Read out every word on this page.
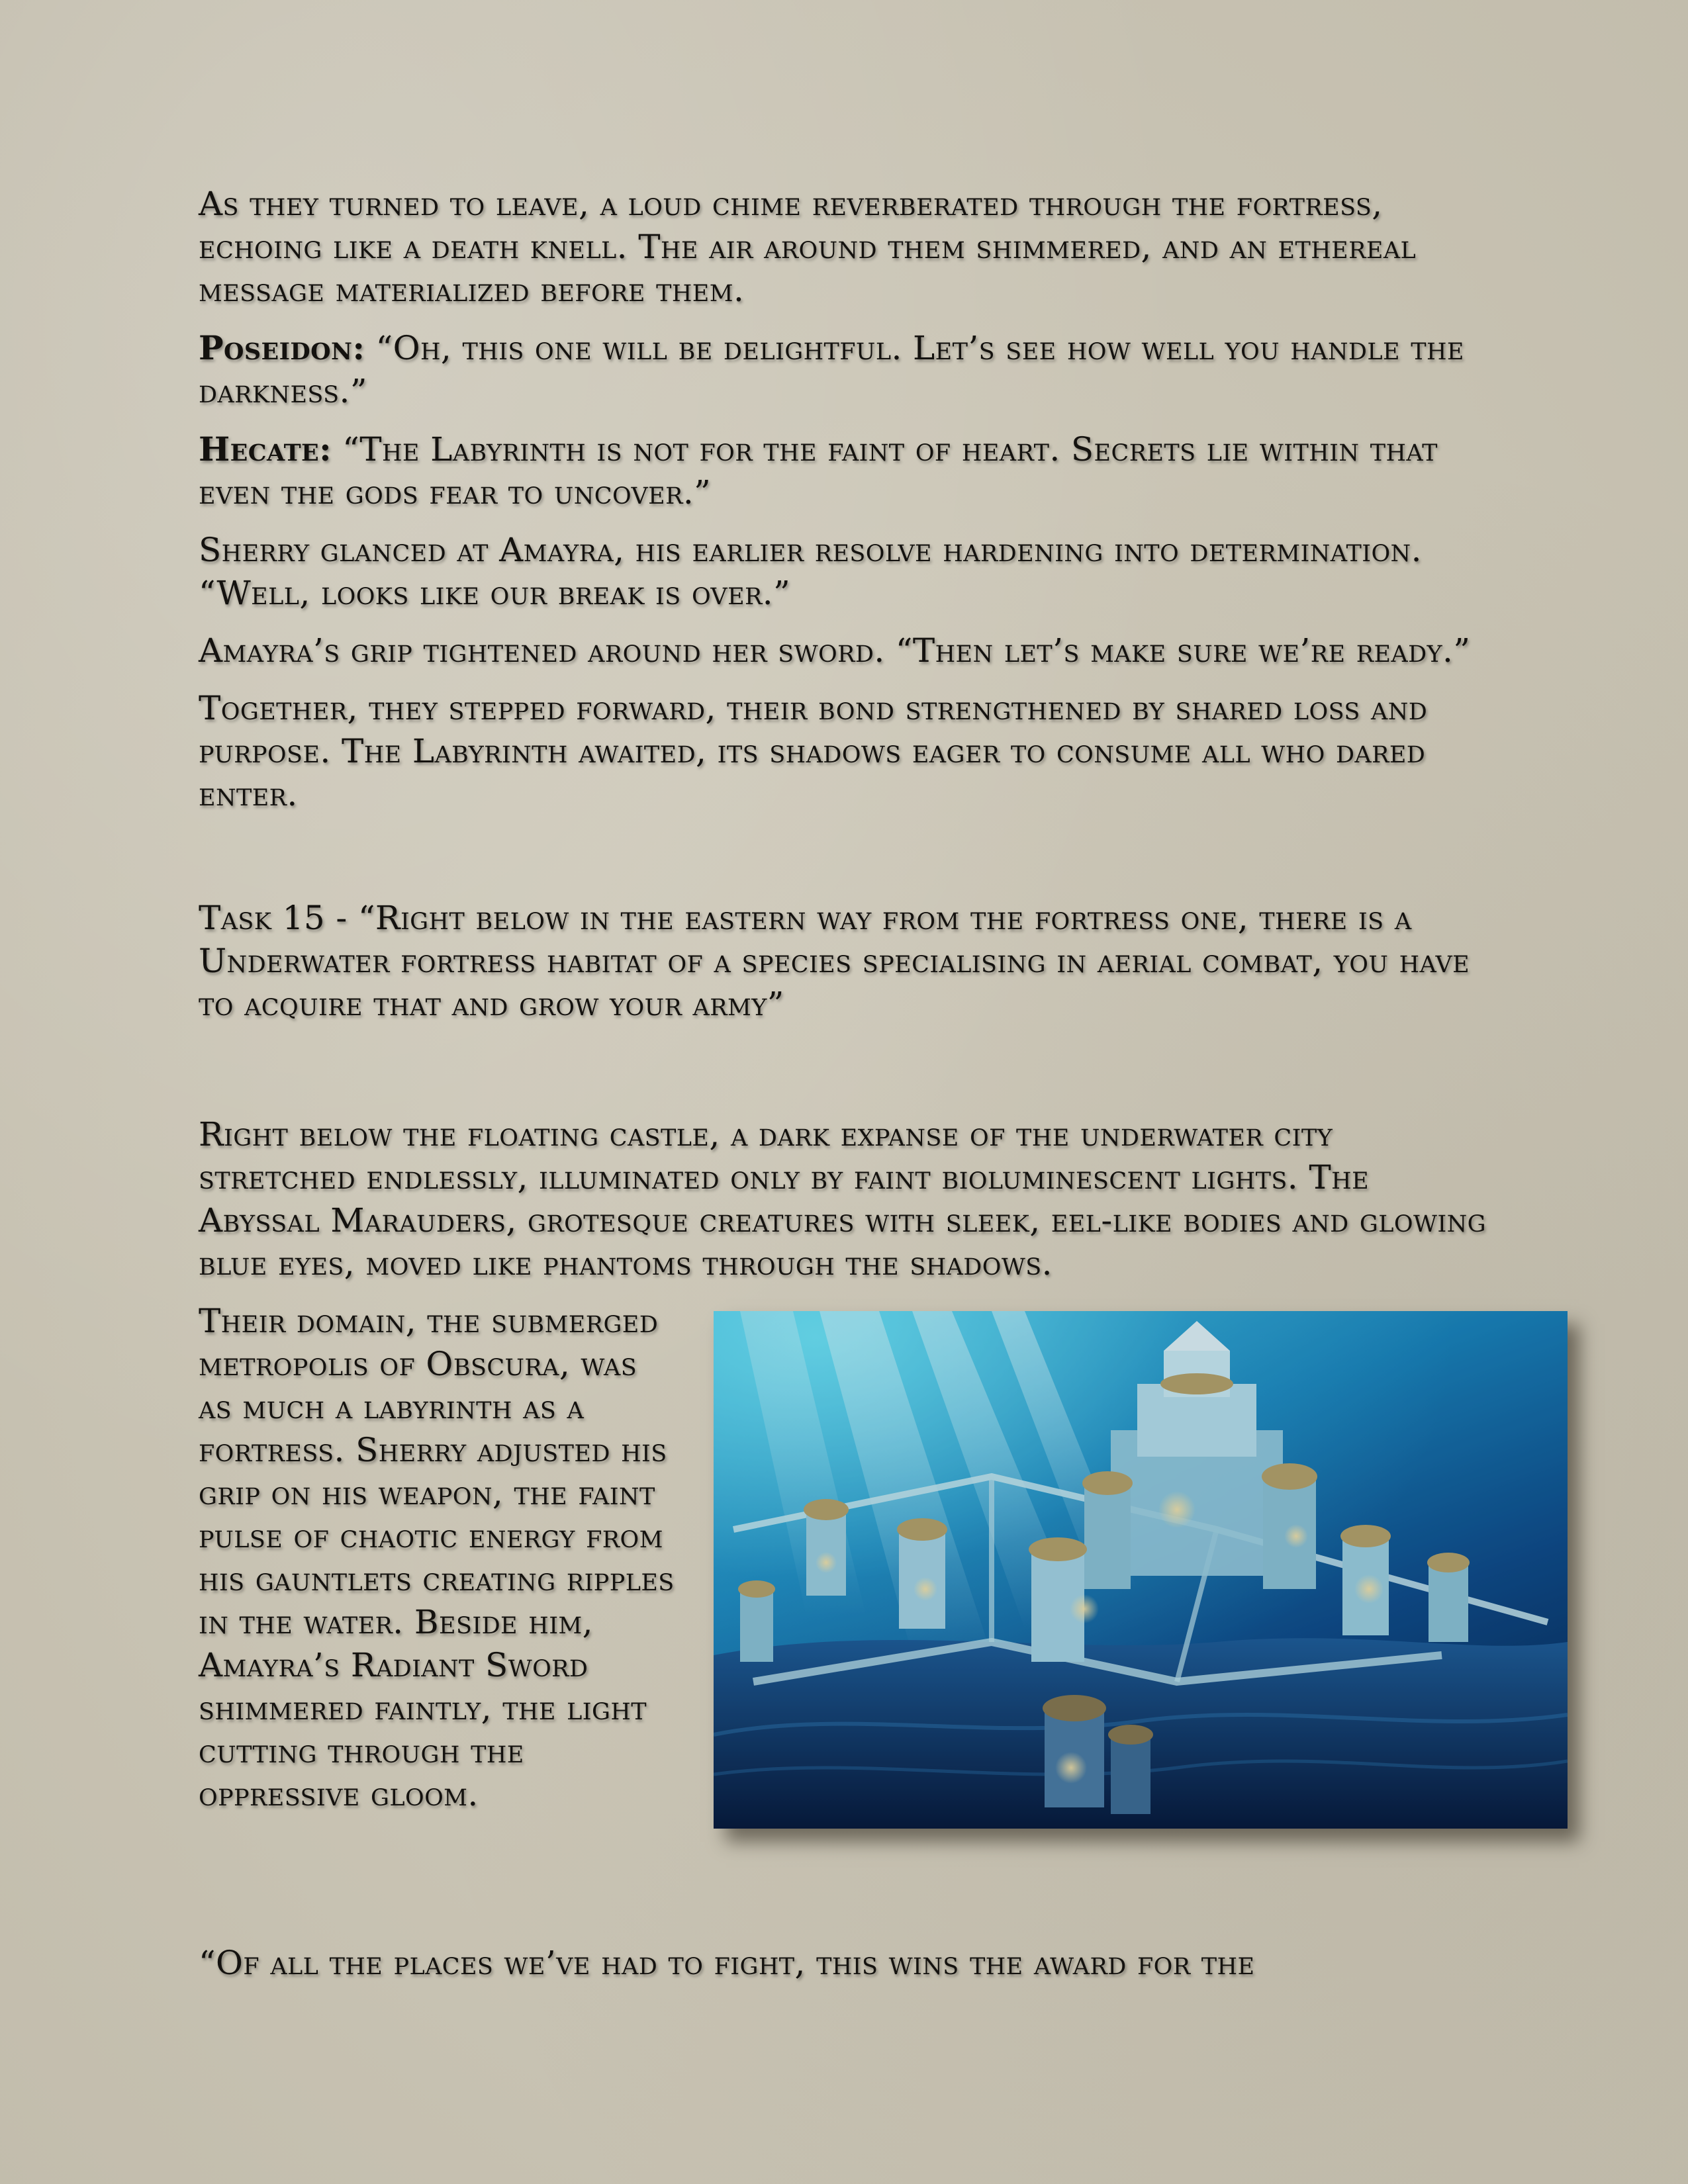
As they turned to leave, a loud chime reverberated through the fortress, echoing like a death knell. The air around them shimmered, and an ethereal message materialized before them.

Poseidon: “Oh, this one will be delightful. Let’s see how well you handle the darkness.”

Hecate: “The Labyrinth is not for the faint of heart. Secrets lie within that even the gods fear to uncover.”

Sherry glanced at Amayra, his earlier resolve hardening into determination. “Well, looks like our break is over.”

Amayra’s grip tightened around her sword. “Then let’s make sure we’re ready.”

Together, they stepped forward, their bond strengthened by shared loss and purpose. The Labyrinth awaited, its shadows eager to consume all who dared enter.

Task 15 - “Right below in the eastern way from the fortress one, there is a Underwater fortress habitat of a species specialising in aerial combat, you have to acquire that and grow your army”

Right below the floating castle, a dark expanse of the underwater city stretched endlessly, illuminated only by faint bioluminescent lights. The Abyssal Marauders, grotesque creatures with sleek, eel-like bodies and glowing blue eyes, moved like phantoms through the shadows.

Their domain, the submerged metropolis of Obscura, was as much a labyrinth as a fortress. Sherry adjusted his grip on his weapon, the faint pulse of chaotic energy from his gauntlets creating ripples in the water. Beside him, Amayra’s Radiant Sword shimmered faintly, the light cutting through the oppressive gloom.

“Of all the places we’ve had to fight, this wins the award for the
